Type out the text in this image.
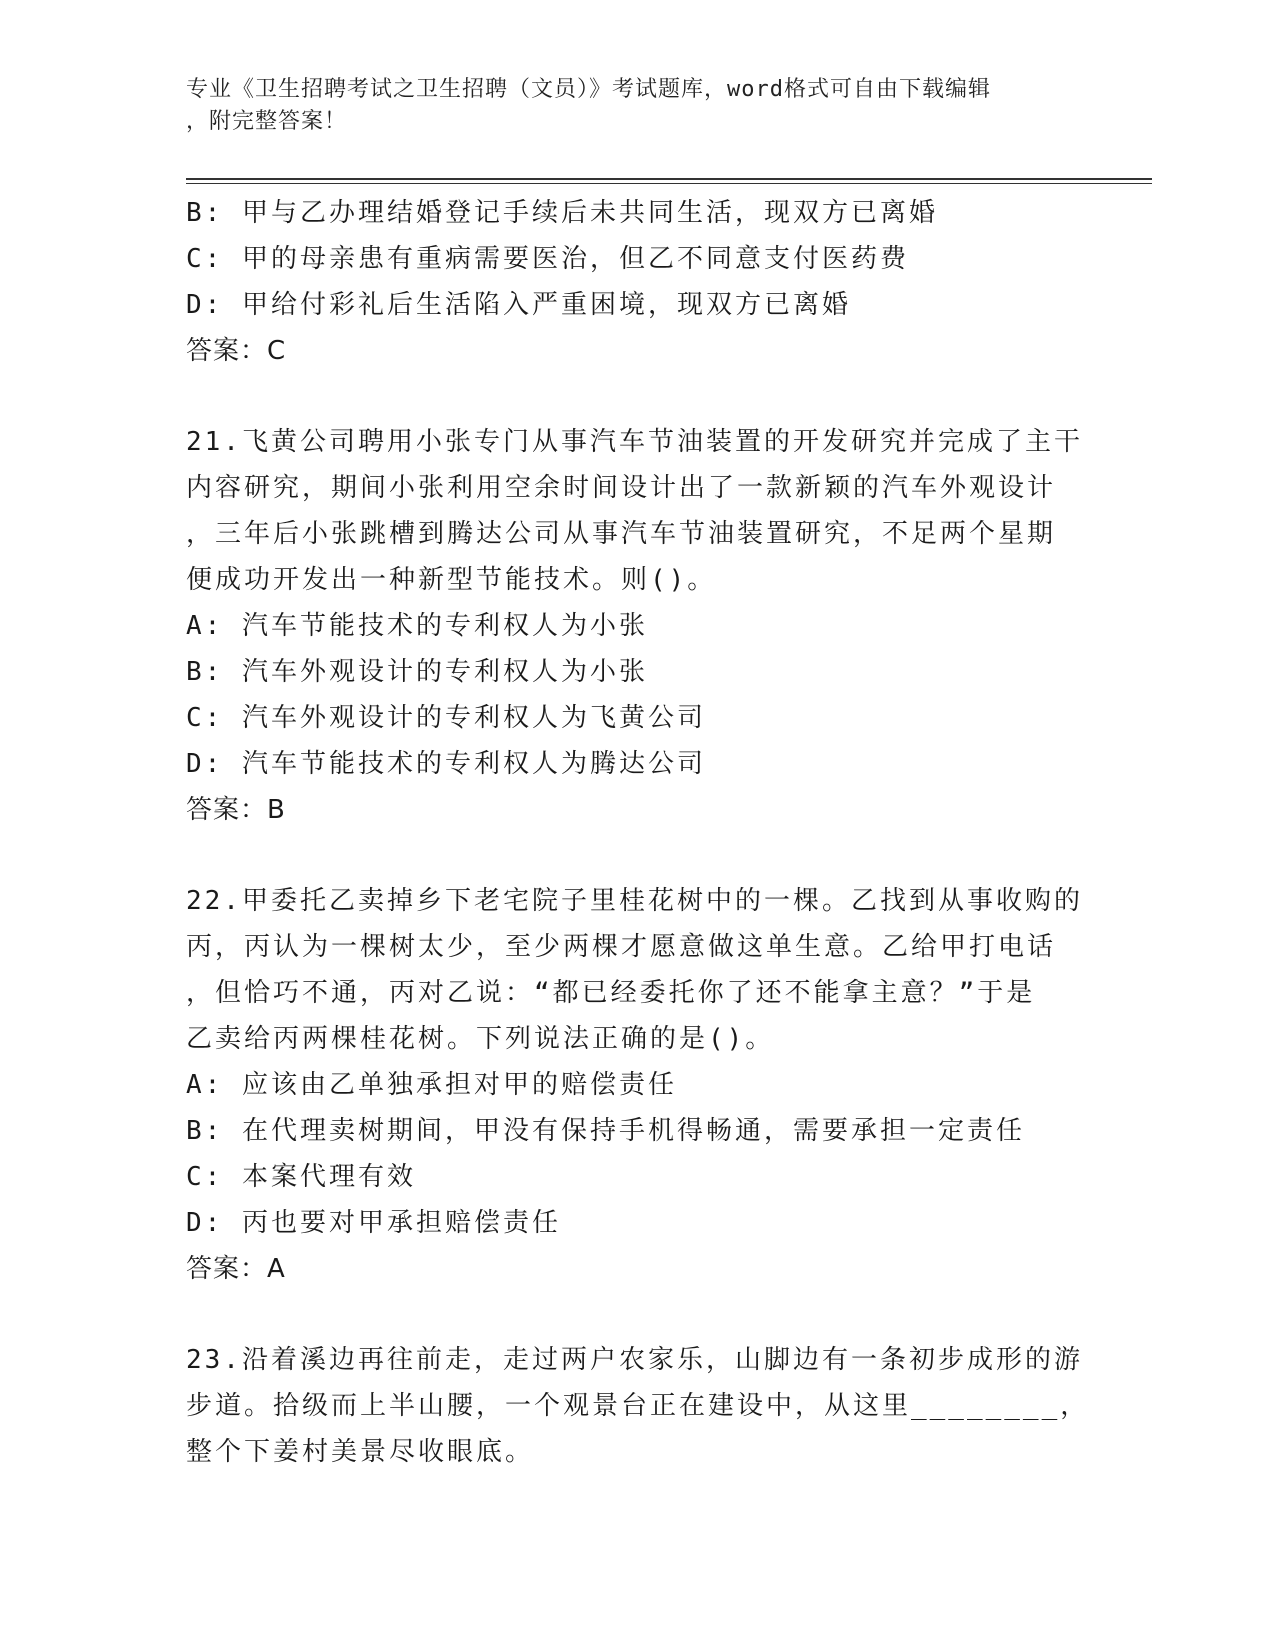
专业《卫生招聘考试之卫生招聘（文员）》考试题库，word格式可自由下载编辑
，附完整答案！
B: 甲与乙办理结婚登记手续后未共同生活，现双方已离婚
C: 甲的母亲患有重病需要医治，但乙不同意支付医药费
D: 甲给付彩礼后生活陷入严重困境，现双方已离婚
答案：C
21.飞黄公司聘用小张专门从事汽车节油装置的开发研究并完成了主干
内容研究，期间小张利用空余时间设计出了一款新颖的汽车外观设计
，三年后小张跳槽到腾达公司从事汽车节油装置研究，不足两个星期
便成功开发出一种新型节能技术。则()。
A: 汽车节能技术的专利权人为小张
B: 汽车外观设计的专利权人为小张
C: 汽车外观设计的专利权人为飞黄公司
D: 汽车节能技术的专利权人为腾达公司
答案：B
22.甲委托乙卖掉乡下老宅院子里桂花树中的一棵。乙找到从事收购的
丙，丙认为一棵树太少，至少两棵才愿意做这单生意。乙给甲打电话
，但恰巧不通，丙对乙说：“都已经委托你了还不能拿主意？”于是
乙卖给丙两棵桂花树。下列说法正确的是()。
A: 应该由乙单独承担对甲的赔偿责任
B: 在代理卖树期间，甲没有保持手机得畅通，需要承担一定责任
C: 本案代理有效
D: 丙也要对甲承担赔偿责任
答案：A
23.沿着溪边再往前走，走过两户农家乐，山脚边有一条初步成形的游
步道。拾级而上半山腰，一个观景台正在建设中，从这里________，
整个下姜村美景尽收眼底。
